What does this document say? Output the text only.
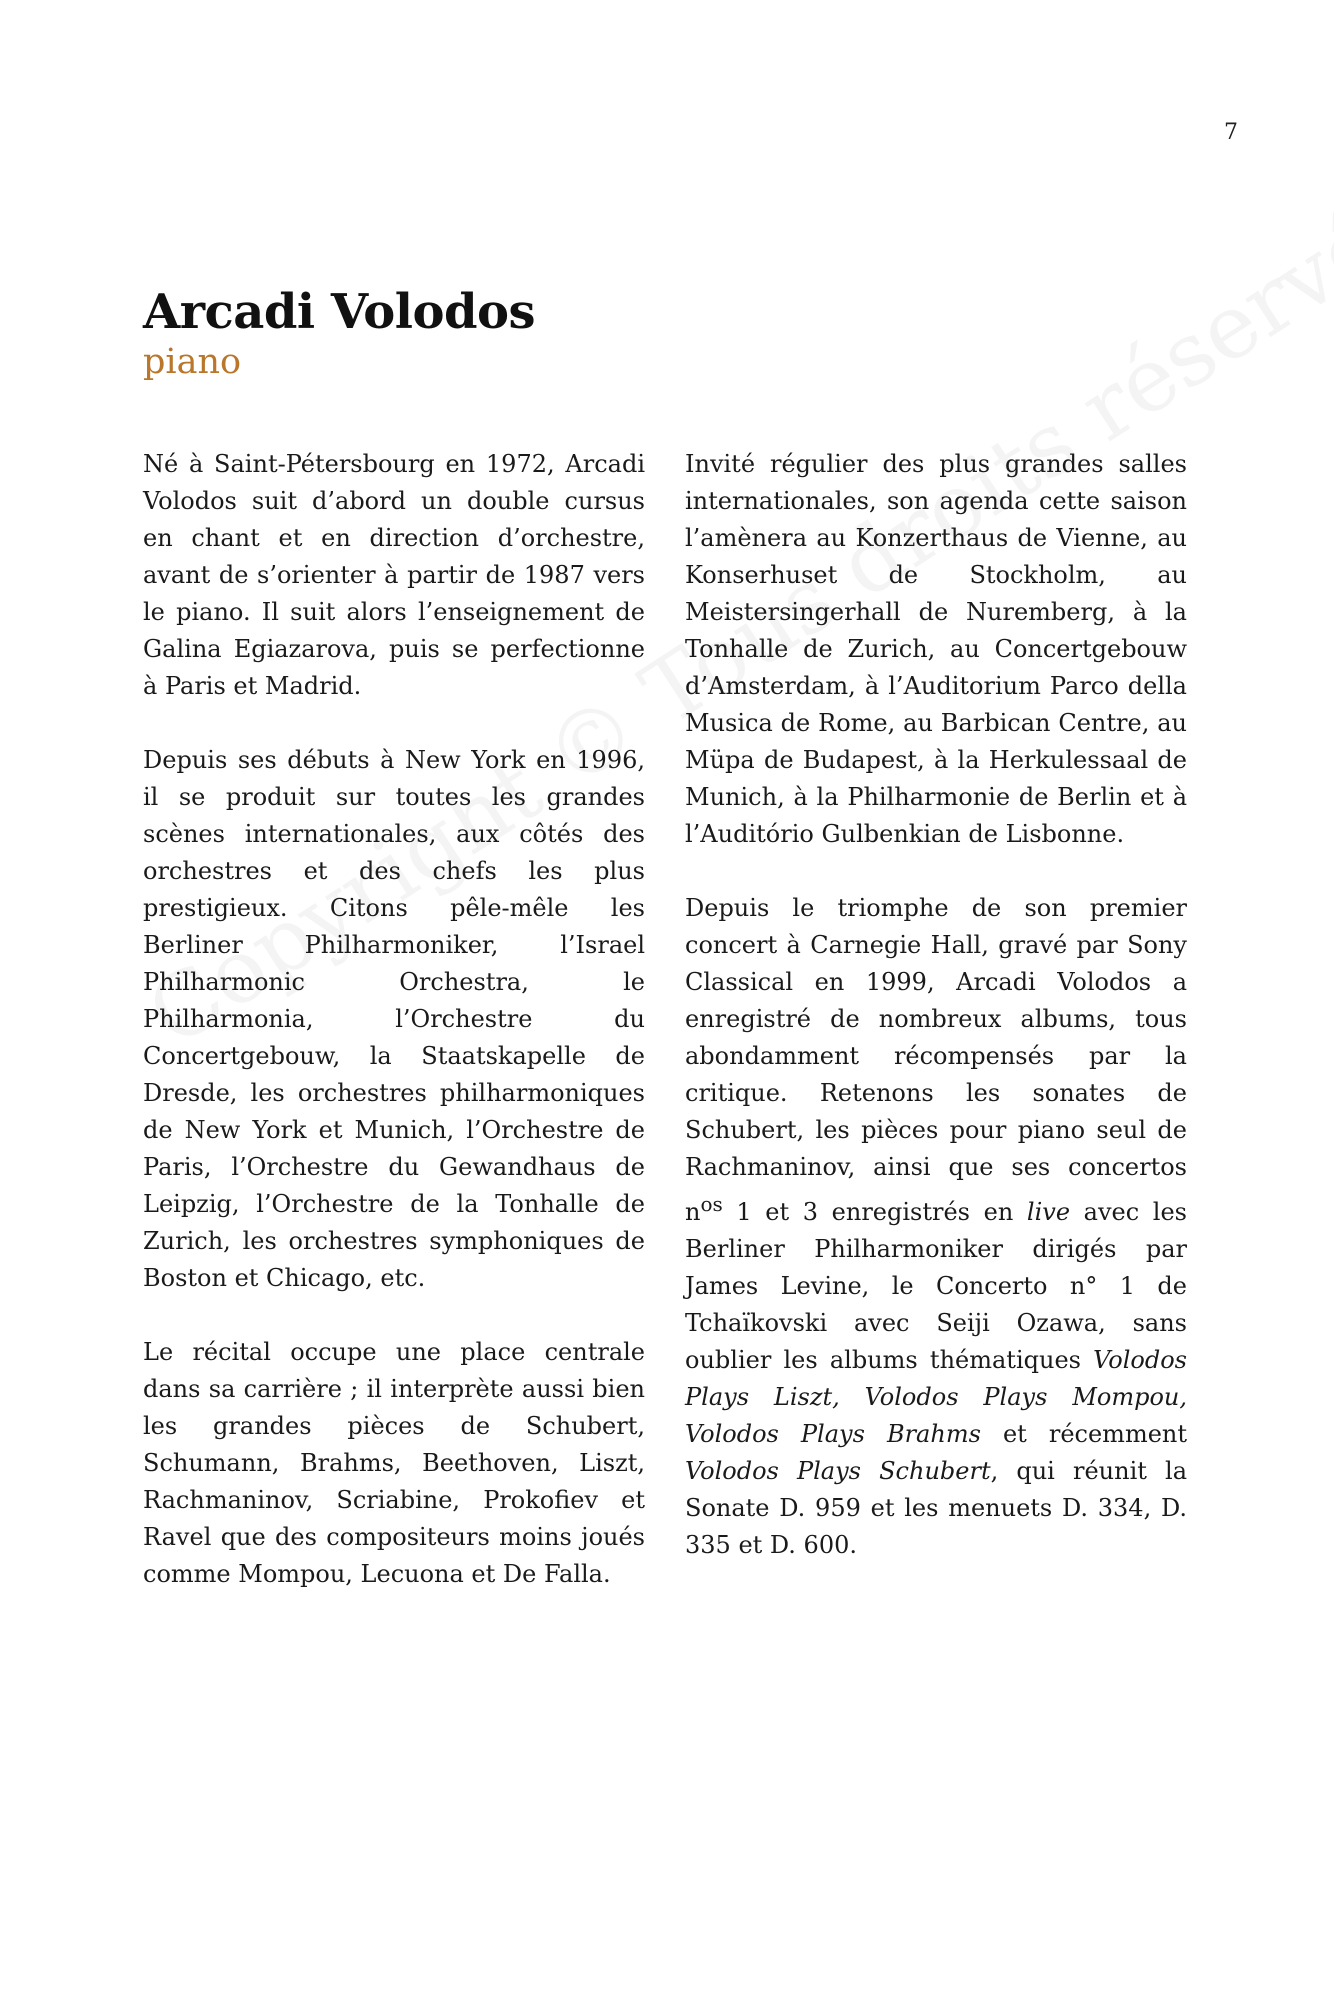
7
Arcadi Volodos
piano

Né à Saint-Pétersbourg en 1972, Arcadi Volodos suit d’abord un double cursus en chant et en direction d’orchestre, avant de s’orienter à partir de 1987 vers le piano. Il suit alors l’enseignement de Galina Egiazarova, puis se perfectionne à Paris et Madrid.

Depuis ses débuts à New York en 1996, il se produit sur toutes les grandes scènes internationales, aux côtés des orchestres et des chefs les plus prestigieux. Citons pêle-mêle les Berliner Philharmoniker, l’Israel Philharmonic Orchestra, le Philharmonia, l’Orchestre du Concertgebouw, la Staatskapelle de Dresde, les orchestres philharmoniques de New York et Munich, l’Orchestre de Paris, l’Orchestre du Gewandhaus de Leipzig, l’Orchestre de la Tonhalle de Zurich, les orchestres symphoniques de Boston et Chicago, etc.

Le récital occupe une place centrale dans sa carrière ; il interprète aussi bien les grandes pièces de Schubert, Schumann, Brahms, Beethoven, Liszt, Rachmaninov, Scriabine, Prokofiev et Ravel que des compositeurs moins joués comme Mompou, Lecuona et De Falla.

Invité régulier des plus grandes salles internationales, son agenda cette saison l’amènera au Konzerthaus de Vienne, au Konserhuset de Stockholm, au Meistersingerhall de Nuremberg, à la Tonhalle de Zurich, au Concertgebouw d’Amsterdam, à l’Auditorium Parco della Musica de Rome, au Barbican Centre, au Müpa de Budapest, à la Herkulessaal de Munich, à la Philharmonie de Berlin et à l’Auditório Gulbenkian de Lisbonne.

Depuis le triomphe de son premier concert à Carnegie Hall, gravé par Sony Classical en 1999, Arcadi Volodos a enregistré de nombreux albums, tous abondamment récompensés par la critique. Retenons les sonates de Schubert, les pièces pour piano seul de Rachmaninov, ainsi que ses concertos $n^{os}$ 1 et 3 enregistrés en live avec les Berliner Philharmoniker dirigés par James Levine, le Concerto n° 1 de Tchaïkovski avec Seiji Ozawa, sans oublier les albums thématiques Volodos Plays Liszt, Volodos Plays Mompou, Volodos Plays Brahms et récemment Volodos Plays Schubert, qui réunit la Sonate D. 959 et les menuets D. 334, D. 335 et D. 600.
